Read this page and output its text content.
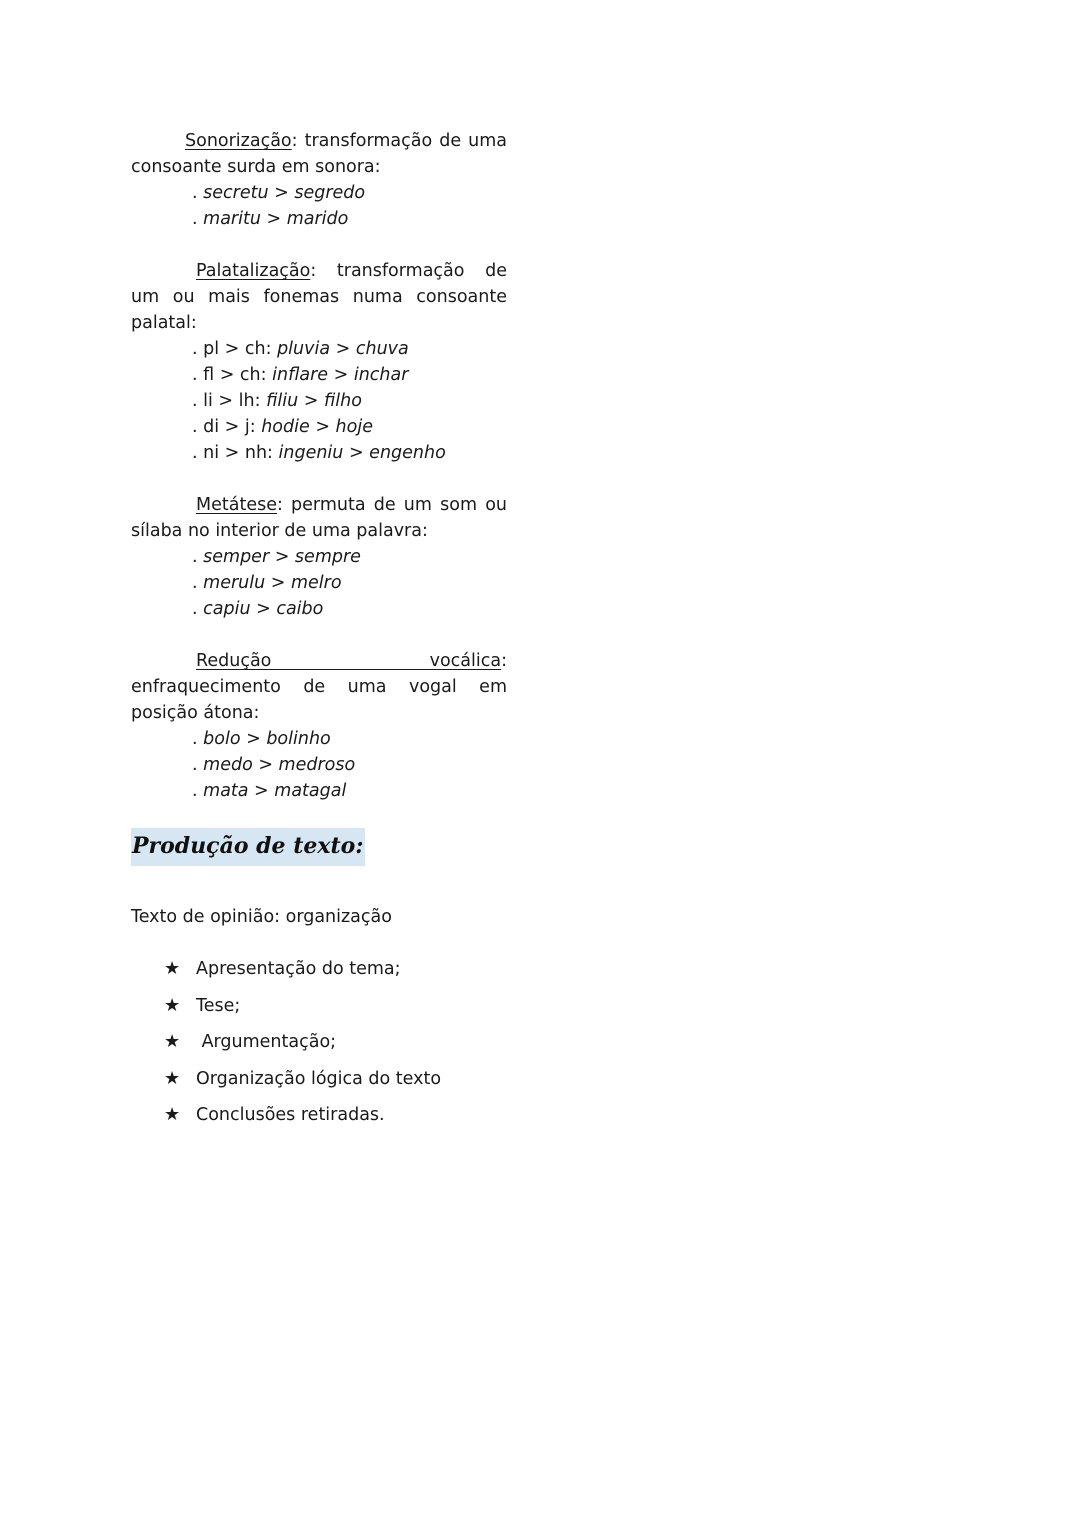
Sonorização: transformação de uma consoante surda em sonora:

. secretu > segredo
. maritu > marido

Palatalização: transformação de um ou mais fonemas numa consoante palatal:

. pl > ch: pluvia > chuva
. fl > ch: inflare > inchar
. li > lh: filiu > filho
. di > j: hodie > hoje
. ni > nh: ingeniu > engenho

Metátese: permuta de um som ou sílaba no interior de uma palavra:

. semper > sempre
. merulu > melro
. capiu > caibo

Redução vocálica: enfraquecimento de uma vogal em posição átona:

. bolo > bolinho
. medo > medroso
. mata > matagal
Produção de texto:

Texto de opinião: organização

★ Apresentação do tema;
★ Tese;
★ Argumentação;
★ Organização lógica do texto
★ Conclusões retiradas.
